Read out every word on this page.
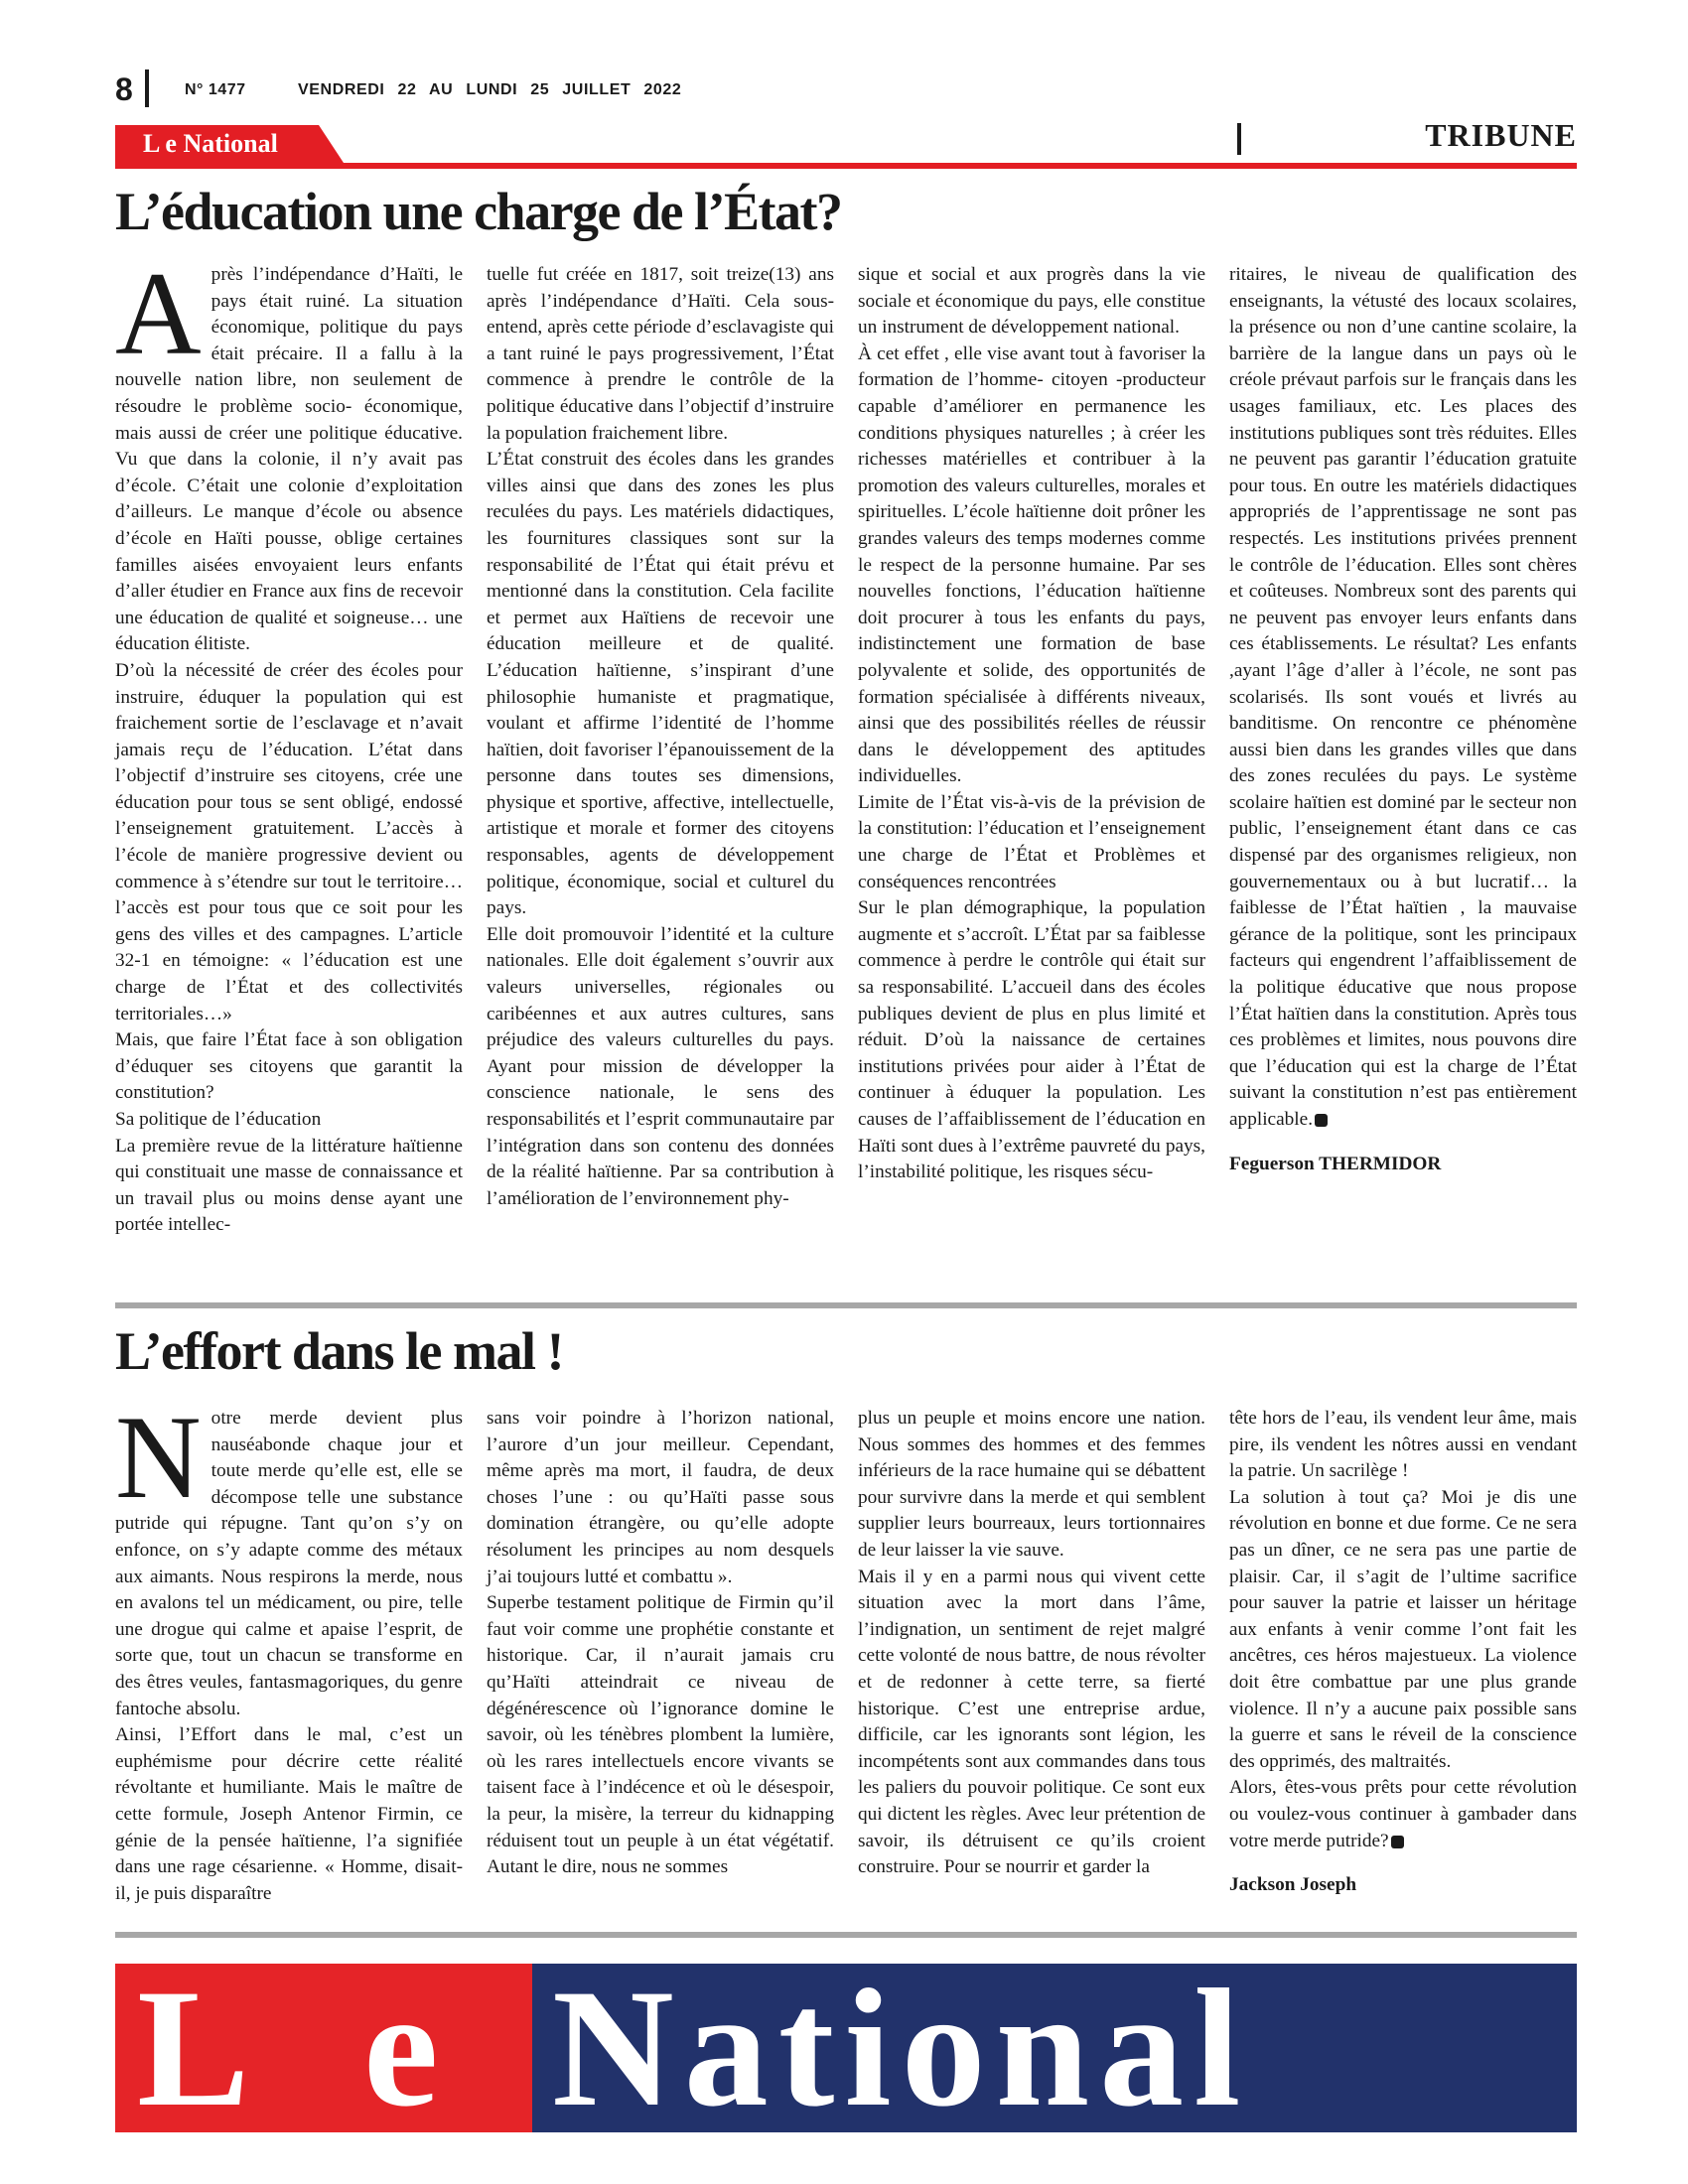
8	N° 1477	VENDREDI 22 AU LUNDI 25 JUILLET 2022
L e National	TRIBUNE
L’éducation une charge de l’État?

Après l’indépendance d’Haïti, le pays était ruiné. La situation économique, politique du pays était précaire. Il a fallu à la nouvelle nation libre, non seulement de résoudre le problème socio- économique, mais aussi de créer une politique éducative. Vu que dans la colonie, il n’y avait pas d’école. C’était une colonie d’exploitation d’ailleurs. Le manque d’école ou absence d’école en Haïti pousse, oblige certaines familles aisées envoyaient leurs enfants d’aller étudier en France aux fins de recevoir une éducation de qualité et soigneuse… une éducation élitiste.

D’où la nécessité de créer des écoles pour instruire, éduquer la population qui est fraichement sortie de l’esclavage et n’avait jamais reçu de l’éducation. L’état dans l’objectif d’instruire ses citoyens, crée une éducation pour tous se sent obligé, endossé l’enseignement gratuitement. L’accès à l’école de manière progressive devient ou commence à s’étendre sur tout le territoire…l’accès est pour tous que ce soit pour les gens des villes et des campagnes. L’article 32-1 en témoigne: « l’éducation est une charge de l’État et des collectivités territoriales…»

Mais, que faire l’État face à son obligation d’éduquer ses citoyens que garantit la constitution?

Sa politique de l’éducation

La première revue de la littérature haïtienne qui constituait une masse de connaissance et un travail plus ou moins dense ayant une portée intellec-

tuelle fut créée en 1817, soit treize(13) ans après l’indépendance d’Haïti. Cela sous-entend, après cette période d’esclavagiste qui a tant ruiné le pays progressivement, l’État commence à prendre le contrôle de la politique éducative dans l’objectif d’instruire la population fraichement libre.

L’État construit des écoles dans les grandes villes ainsi que dans des zones les plus reculées du pays. Les matériels didactiques, les fournitures classiques sont sur la responsabilité de l’État qui était prévu et mentionné dans la constitution. Cela facilite et permet aux Haïtiens de recevoir une éducation meilleure et de qualité. L’éducation haïtienne, s’inspirant d’une philosophie humaniste et pragmatique, voulant et affirme l’identité de l’homme haïtien, doit favoriser l’épanouissement de la personne dans toutes ses dimensions, physique et sportive, affective, intellectuelle, artistique et morale et former des citoyens responsables, agents de développement politique, économique, social et culturel du pays.

Elle doit promouvoir l’identité et la culture nationales. Elle doit également s’ouvrir aux valeurs universelles, régionales ou caribéennes et aux autres cultures, sans préjudice des valeurs culturelles du pays. Ayant pour mission de développer la conscience nationale, le sens des responsabilités et l’esprit communautaire par l’intégration dans son contenu des données de la réalité haïtienne. Par sa contribution à l’amélioration de l’environnement phy-

sique et social et aux progrès dans la vie sociale et économique du pays, elle constitue un instrument de développement national.

À cet effet , elle vise avant tout à favoriser la formation de l’homme- citoyen -producteur capable d’améliorer en permanence les conditions physiques naturelles ; à créer les richesses matérielles et contribuer à la promotion des valeurs culturelles, morales et spirituelles. L’école haïtienne doit prôner les grandes valeurs des temps modernes comme le respect de la personne humaine. Par ses nouvelles fonctions, l’éducation haïtienne doit procurer à tous les enfants du pays, indistinctement une formation de base polyvalente et solide, des opportunités de formation spécialisée à différents niveaux, ainsi que des possibilités réelles de réussir dans le développement des aptitudes individuelles.

Limite de l’État vis-à-vis de la prévision de la constitution: l’éducation et l’enseignement une charge de l’État et Problèmes et conséquences rencontrées

Sur le plan démographique, la population augmente et s’accroît. L’État par sa faiblesse commence à perdre le contrôle qui était sur sa responsabilité. L’accueil dans des écoles publiques devient de plus en plus limité et réduit. D’où la naissance de certaines institutions privées pour aider à l’État de continuer à éduquer la population. Les causes de l’affaiblissement de l’éducation en Haïti sont dues à l’extrême pauvreté du pays, l’instabilité politique, les risques sécu-

ritaires, le niveau de qualification des enseignants, la vétusté des locaux scolaires, la présence ou non d’une cantine scolaire, la barrière de la langue dans un pays où le créole prévaut parfois sur le français dans les usages familiaux, etc. Les places des institutions publiques sont très réduites. Elles ne peuvent pas garantir l’éducation gratuite pour tous. En outre les matériels didactiques appropriés de l’apprentissage ne sont pas respectés. Les institutions privées prennent le contrôle de l’éducation. Elles sont chères et coûteuses. Nombreux sont des parents qui ne peuvent pas envoyer leurs enfants dans ces établissements. Le résultat? Les enfants ,ayant l’âge d’aller à l’école, ne sont pas scolarisés. Ils sont voués et livrés au banditisme. On rencontre ce phénomène aussi bien dans les grandes villes que dans des zones reculées du pays. Le système scolaire haïtien est dominé par le secteur non public, l’enseignement étant dans ce cas dispensé par des organismes religieux, non gouvernementaux ou à but lucratif… la faiblesse de l’État haïtien , la mauvaise gérance de la politique, sont les principaux facteurs qui engendrent l’affaiblissement de la politique éducative que nous propose l’État haïtien dans la constitution. Après tous ces problèmes et limites, nous pouvons dire que l’éducation qui est la charge de l’État suivant la constitution n’est pas entièrement applicable.

Feguerson THERMIDOR

L’effort dans le mal !

Notre merde devient plus nauséabonde chaque jour et toute merde qu’elle est, elle se décompose telle une substance putride qui répugne. Tant qu’on s’y on enfonce, on s’y adapte comme des métaux aux aimants. Nous respirons la merde, nous en avalons tel un médicament, ou pire, telle une drogue qui calme et apaise l’esprit, de sorte que, tout un chacun se transforme en des êtres veules, fantasmagoriques, du genre fantoche absolu.

Ainsi, l’Effort dans le mal, c’est un euphémisme pour décrire cette réalité révoltante et humiliante. Mais le maître de cette formule, Joseph Antenor Firmin, ce génie de la pensée haïtienne, l’a signifiée dans une rage césarienne. « Homme, disait-il, je puis disparaître

sans voir poindre à l’horizon national, l’aurore d’un jour meilleur. Cependant, même après ma mort, il faudra, de deux choses l’une : ou qu’Haïti passe sous domination étrangère, ou qu’elle adopte résolument les principes au nom desquels j’ai toujours lutté et combattu ».

Superbe testament politique de Firmin qu’il faut voir comme une prophétie constante et historique. Car, il n’aurait jamais cru qu’Haïti atteindrait ce niveau de dégénérescence où l’ignorance domine le savoir, où les ténèbres plombent la lumière, où les rares intellectuels encore vivants se taisent face à l’indécence et où le désespoir, la peur, la misère, la terreur du kidnapping réduisent tout un peuple à un état végétatif. Autant le dire, nous ne sommes

plus un peuple et moins encore une nation. Nous sommes des hommes et des femmes inférieurs de la race humaine qui se débattent pour survivre dans la merde et qui semblent supplier leurs bourreaux, leurs tortionnaires de leur laisser la vie sauve.

Mais il y en a parmi nous qui vivent cette situation avec la mort dans l’âme, l’indignation, un sentiment de rejet malgré cette volonté de nous battre, de nous révolter et de redonner à cette terre, sa fierté historique. C’est une entreprise ardue, difficile, car les ignorants sont légion, les incompétents sont aux commandes dans tous les paliers du pouvoir politique. Ce sont eux qui dictent les règles. Avec leur prétention de savoir, ils détruisent ce qu’ils croient construire. Pour se nourrir et garder la

tête hors de l’eau, ils vendent leur âme, mais pire, ils vendent les nôtres aussi en vendant la patrie. Un sacrilège !

La solution à tout ça? Moi je dis une révolution en bonne et due forme. Ce ne sera pas un dîner, ce ne sera pas une partie de plaisir. Car, il s’agit de l’ultime sacrifice pour sauver la patrie et laisser un héritage aux enfants à venir comme l’ont fait les ancêtres, ces héros majestueux. La violence doit être combattue par une plus grande violence. Il n’y a aucune paix possible sans la guerre et sans le réveil de la conscience des opprimés, des maltraités.

Alors, êtes-vous prêts pour cette révolution ou voulez-vous continuer à gambader dans votre merde putride?

Jackson Joseph

L e National
